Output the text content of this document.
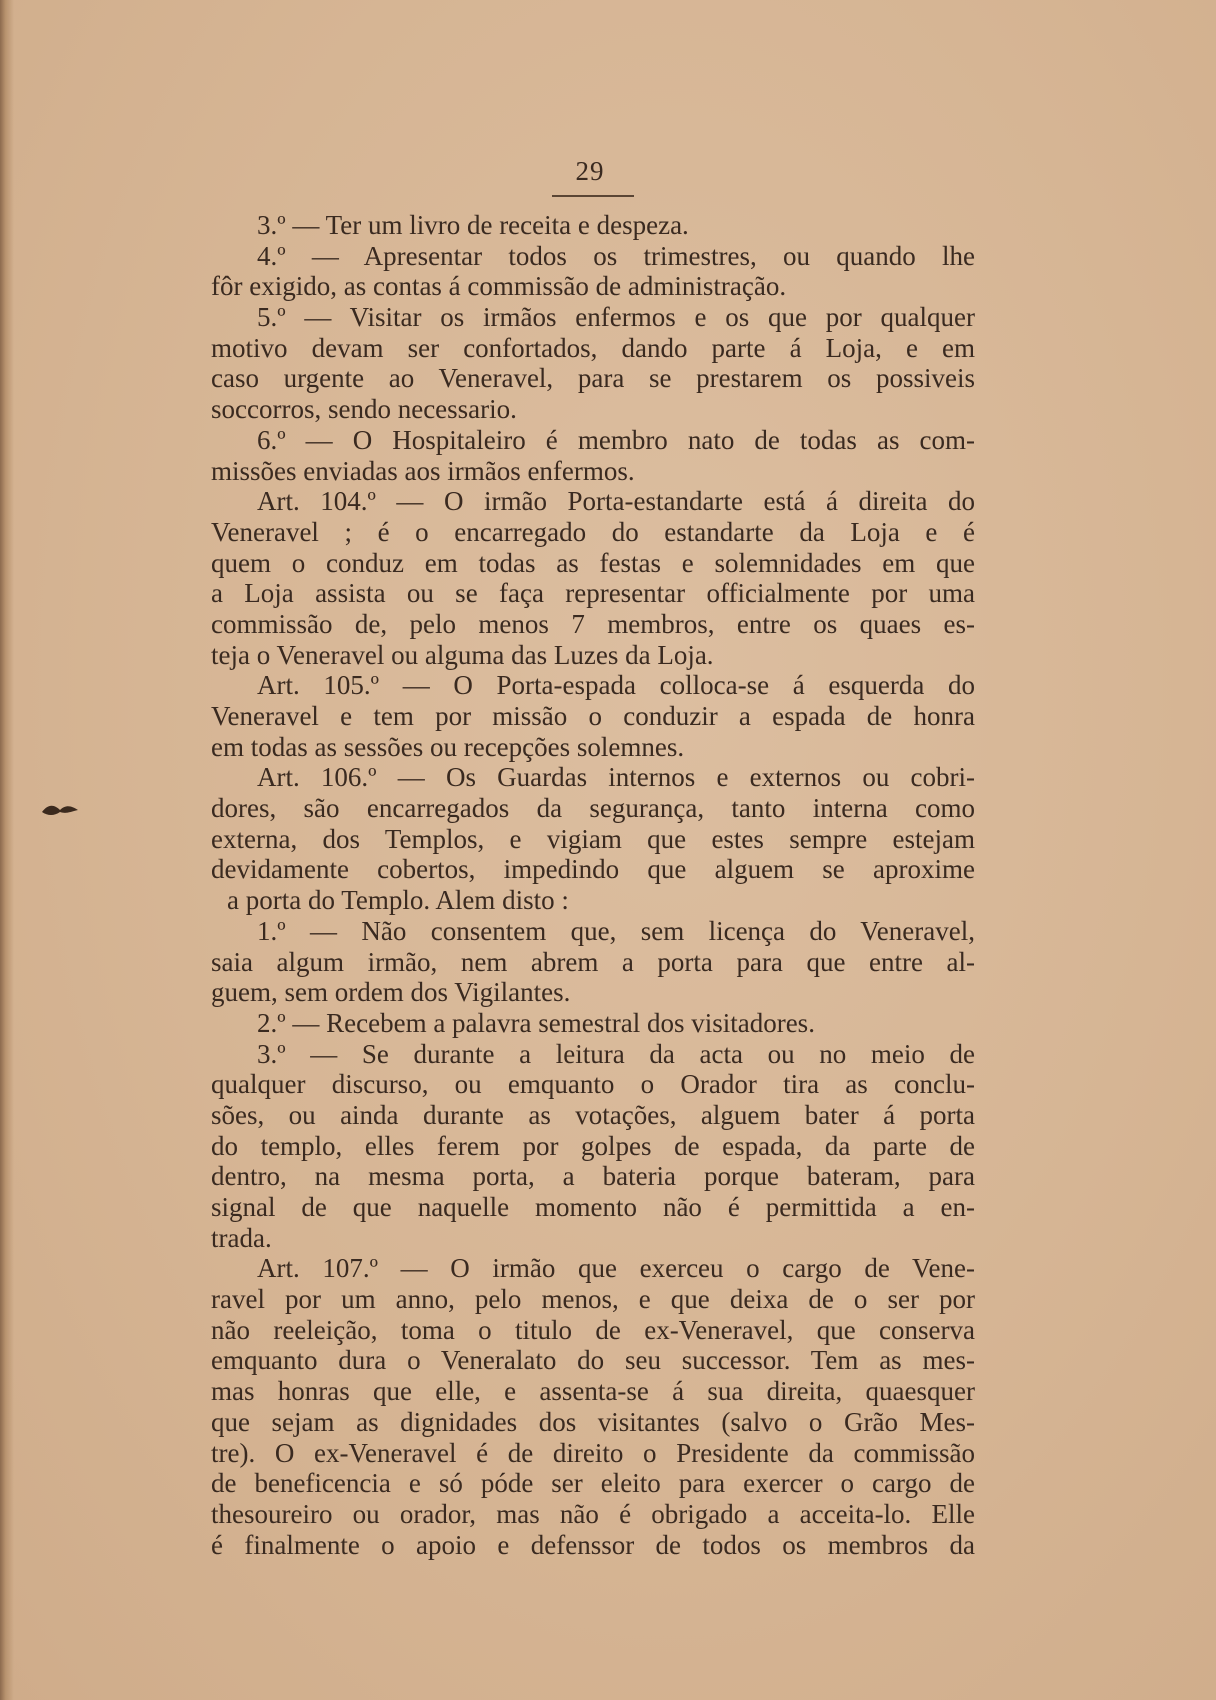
29
3.º — Ter um livro de receita e despeza.
4.º — Apresentar todos os trimestres, ou quando lhe
fôr exigido, as contas á commissão de administração.
5.º — Visitar os irmãos enfermos e os que por qualquer
motivo devam ser confortados, dando parte á Loja, e em
caso urgente ao Veneravel, para se prestarem os possiveis
soccorros, sendo necessario.
6.º — O Hospitaleiro é membro nato de todas as com-
missões enviadas aos irmãos enfermos.
Art. 104.º — O irmão Porta-estandarte está á direita do
Veneravel ; é o encarregado do estandarte da Loja e é
quem o conduz em todas as festas e solemnidades em que
a Loja assista ou se faça representar officialmente por uma
commissão de, pelo menos 7 membros, entre os quaes es-
teja o Veneravel ou alguma das Luzes da Loja.
Art. 105.º — O Porta-espada colloca-se á esquerda do
Veneravel e tem por missão o conduzir a espada de honra
em todas as sessões ou recepções solemnes.
Art. 106.º — Os Guardas internos e externos ou cobri-
dores, são encarregados da segurança, tanto interna como
externa, dos Templos, e vigiam que estes sempre estejam
devidamente cobertos, impedindo que alguem se aproxime
a porta do Templo. Alem disto :
1.º — Não consentem que, sem licença do Veneravel,
saia algum irmão, nem abrem a porta para que entre al-
guem, sem ordem dos Vigilantes.
2.º — Recebem a palavra semestral dos visitadores.
3.º — Se durante a leitura da acta ou no meio de
qualquer discurso, ou emquanto o Orador tira as conclu-
sões, ou ainda durante as votações, alguem bater á porta
do templo, elles ferem por golpes de espada, da parte de
dentro, na mesma porta, a bateria porque bateram, para
signal de que naquelle momento não é permittida a en-
trada.
Art. 107.º — O irmão que exerceu o cargo de Vene-
ravel por um anno, pelo menos, e que deixa de o ser por
não reeleição, toma o titulo de ex-Veneravel, que conserva
emquanto dura o Veneralato do seu successor. Tem as mes-
mas honras que elle, e assenta-se á sua direita, quaesquer
que sejam as dignidades dos visitantes (salvo o Grão Mes-
tre). O ex-Veneravel é de direito o Presidente da commissão
de beneficencia e só póde ser eleito para exercer o cargo de
thesoureiro ou orador, mas não é obrigado a acceita-lo. Elle
é finalmente o apoio e defenssor de todos os membros da
